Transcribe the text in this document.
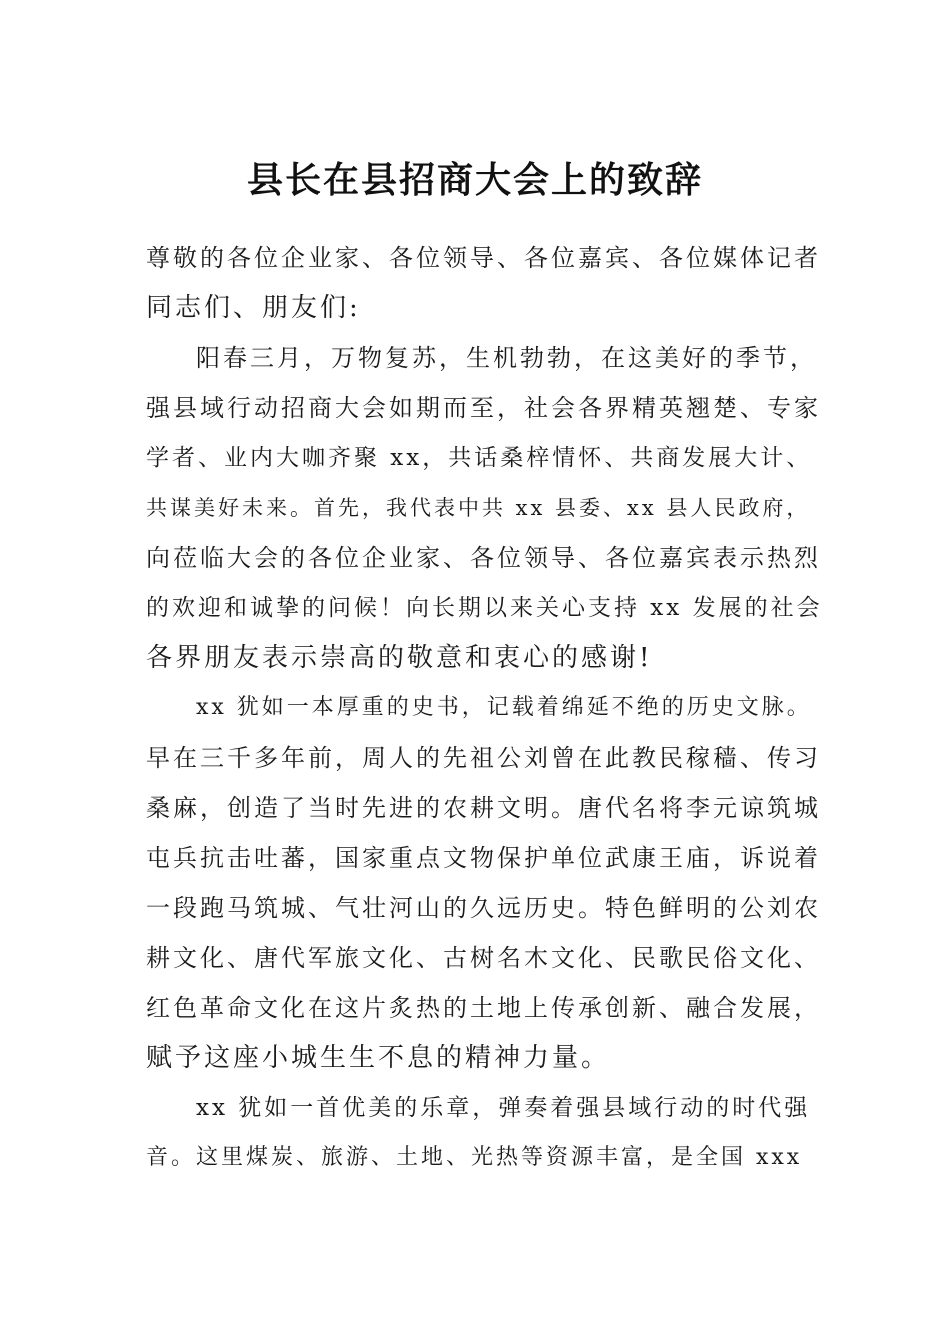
县长在县招商大会上的致辞
尊敬的各位企业家、各位领导、各位嘉宾、各位媒体记者
同志们、朋友们:
阳春三月，万物复苏，生机勃勃，在这美好的季节，
强县域行动招商大会如期而至，社会各界精英翘楚、专家
学者、业内大咖齐聚 xx，共话桑梓情怀、共商发展大计、
共谋美好未来。首先，我代表中共 xx 县委、xx 县人民政府，
向莅临大会的各位企业家、各位领导、各位嘉宾表示热烈
的欢迎和诚挚的问候！向长期以来关心支持 xx 发展的社会
各界朋友表示崇高的敬意和衷心的感谢!
xx 犹如一本厚重的史书，记载着绵延不绝的历史文脉。
早在三千多年前，周人的先祖公刘曾在此教民稼穑、传习
桑麻，创造了当时先进的农耕文明。唐代名将李元谅筑城
屯兵抗击吐蕃，国家重点文物保护单位武康王庙，诉说着
一段跑马筑城、气壮河山的久远历史。特色鲜明的公刘农
耕文化、唐代军旅文化、古树名木文化、民歌民俗文化、
红色革命文化在这片炙热的土地上传承创新、融合发展，
赋予这座小城生生不息的精神力量。
xx 犹如一首优美的乐章，弹奏着强县域行动的时代强
音。这里煤炭、旅游、土地、光热等资源丰富，是全国 xxx
